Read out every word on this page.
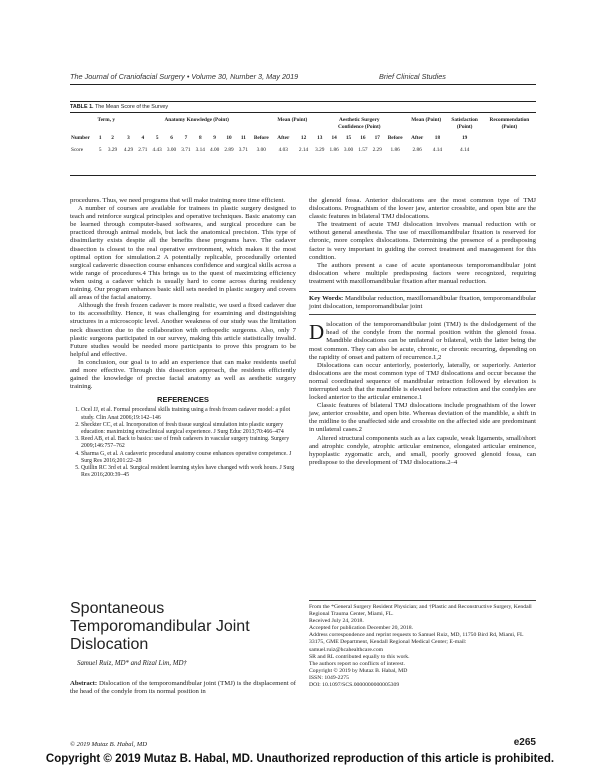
The Journal of Craniofacial Surgery • Volume 30, Number 3, May 2019	Brief Clinical Studies
TABLE 1. The Mean Score of the Survey
	Term, y		Anatomy Knowledge (Point)										Mean (Point)		Aesthetic Surgery
Confidence (Point)						Mean (Point)		Satisfaction
(Point)	Recommendation
(Point)

Number	1	2	3	4	5	6	7	8	9	10	11	Before	After	12	13	14	15	16	17	Before	After	18	19	

Score	5	3.29	4.29	2.71	4.43	3.00	3.71	3.14	4.00	2.89	3.71	3.00	4.03	2.14	3.29	1.86	3.00	1.57	2.29	1.86	2.86	4.14	4.14	

procedures. Thus, we need programs that will make training more time efficient.

A number of courses are available for trainees in plastic surgery designed to teach and reinforce surgical principles and operative techniques. Basic anatomy can be learned through computer-based softwares, and surgical procedure can be practiced through animal models, but lack the anatomical precision. This type of dissimilarity exists despite all the benefits these programs have. The cadaver dissection is closest to the real operative environment, which makes it the most optimal option for simulation.2 A potentially replicable, procedurally oriented surgical cadaveric dissection course enhances confidence and surgical skills across a wide range of procedures.4 This brings us to the quest of maximizing efficiency when using a cadaver which is usually hard to come across during residency training. Our program enhances basic skill sets needed in plastic surgery and covers all areas of the facial anatomy.

Although the fresh frozen cadaver is more realistic, we used a fixed cadaver due to its accessibility. Hence, it was challenging for examining and distinguishing structures in a microscopic level. Another weakness of our study was the limitation neck dissection due to the collaboration with orthopedic surgeons. Also, only 7 plastic surgeons participated in our survey, making this article statistically invalid. Future studies would be needed more participants to prove this program to be helpful and effective.

In conclusion, our goal is to add an experience that can make residents useful and more effective. Through this dissection approach, the residents efficiently gained the knowledge of precise facial anatomy as well as aesthetic surgery training.

REFERENCES
1. Ocel JJ, et al. Formal procedural skills training using a fresh frozen cadaver model: a pilot study. Clin Anat 2006;19:142–146
2. Sheckter CC, et al. Incorporation of fresh tissue surgical simulation into plastic surgery education: maximizing extraclinical surgical experience. J Surg Educ 2013;70:466–474
3. Reed AB, et al. Back to basics: use of fresh cadavers in vascular surgery training. Surgery 2009;146:757–762
4. Sharma G, et al. A cadaveric procedural anatomy course enhances operative competence. J Surg Res 2016;201:22–28
5. Quillin RC 3rd et al. Surgical resident learning styles have changed with work hours. J Surg Res 2016;200:39–45
Spontaneous Temporomandibular Joint Dislocation
Samuel Ruiz, MD* and Rizal Lim, MD†
Abstract: Dislocation of the temporomandibular joint (TMJ) is the displacement of the head of the condyle from its normal position in

the glenoid fossa. Anterior dislocations are the most common type of TMJ dislocations. Prognathism of the lower jaw, anterior crossbite, and open bite are the classic features in bilateral TMJ dislocations.

The treatment of acute TMJ dislocation involves manual reduction with or without general anesthesia. The use of maxillomandibular fixation is reserved for chronic, more complex dislocations. Determining the presence of a predisposing factor is very important in guiding the correct treatment and management for this condition.

The authors present a case of acute spontaneous temporomandibular joint dislocation where multiple predisposing factors were recognized, requiring treatment with maxillomandibular fixation after manual reduction.

Key Words: Mandibular reduction, maxillomandibular fixation, temporomandibular joint dislocation, temporomandibular joint

Dislocation of the temporomandibular joint (TMJ) is the dislodgement of the head of the condyle from the normal position within the glenoid fossa. Mandible dislocations can be unilateral or bilateral, with the latter being the most common. They can also be acute, chronic, or chronic recurring, depending on the rapidity of onset and pattern of recurrence.1,2

Dislocations can occur anteriorly, posteriorly, laterally, or superiorly. Anterior dislocations are the most common type of TMJ dislocations and occur because the normal coordinated sequence of mandibular retraction followed by elevation is interrupted such that the mandible is elevated before retraction and the condyles are locked anterior to the articular eminence.1

Classic features of bilateral TMJ dislocations include prognathism of the lower jaw, anterior crossbite, and open bite. Whereas deviation of the mandible, a shift in the midline to the unaffected side and crossbite on the affected side are predominant in unilateral cases.2

Altered structural components such as a lax capsule, weak ligaments, small/short and atrophic condyle, atrophic articular eminence, elongated articular eminence, hypoplastic zygomatic arch, and small, poorly grooved glenoid fossa, can predispose to the development of TMJ dislocations.2–4

From the *General Surgery Resident Physician; and †Plastic and Reconstructive Surgery, Kendall Regional Trauma Center, Miami, FL.
Received July 24, 2018.
Accepted for publication December 20, 2018.
Address correspondence and reprint requests to Samuel Ruiz, MD, 11750 Bird Rd, Miami, FL 33175, GME Department, Kendall Regional Medical Center; E-mail: samuel.ruiz@hcahealthcare.com
SR and RL contributed equally to this work.
The authors report no conflicts of interest.
Copyright © 2019 by Mutaz B. Habal, MD
ISSN: 1049-2275
DOI: 10.1097/SCS.0000000000005309
© 2019 Mutaz B. Habal, MD	e265
Copyright © 2019 Mutaz B. Habal, MD. Unauthorized reproduction of this article is prohibited.
